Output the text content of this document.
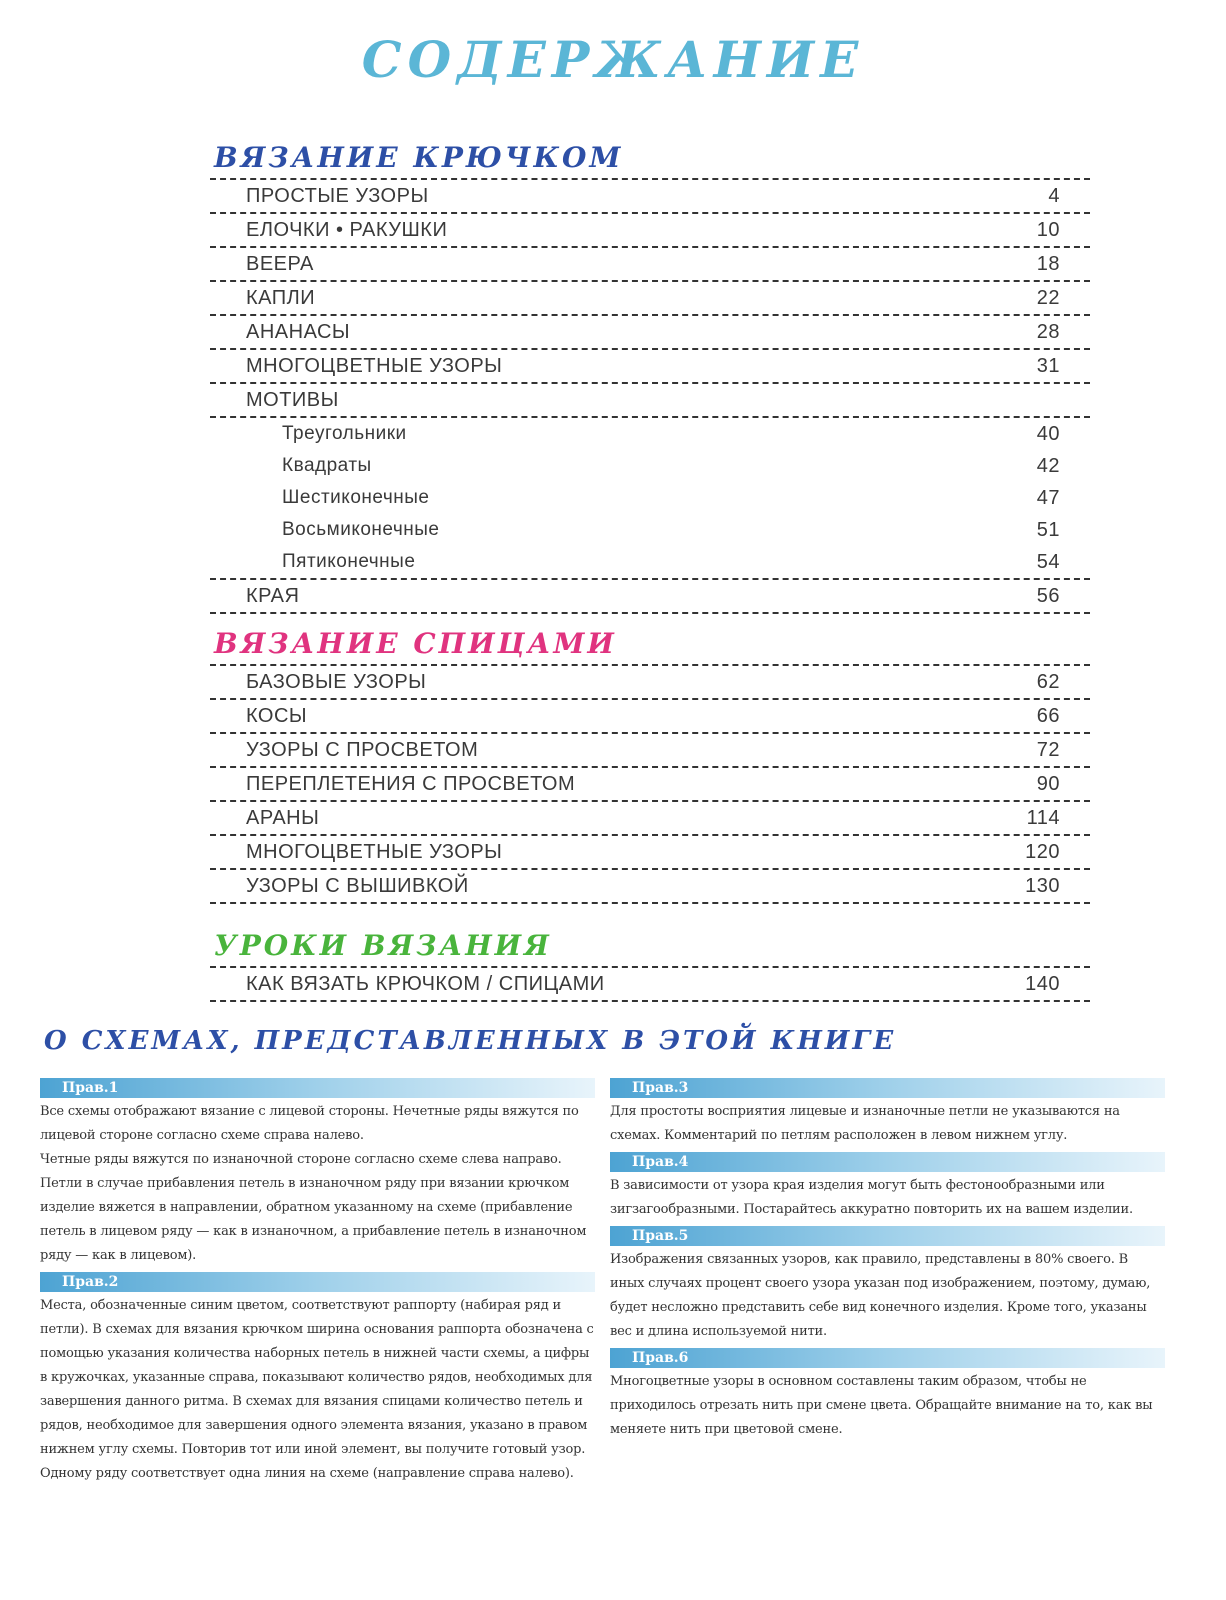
СОДЕРЖАНИЕ
ВЯЗАНИЕ КРЮЧКОМ
ПРОСТЫЕ УЗОРЫ	4
ЕЛОЧКИ • РАКУШКИ	10
ВЕЕРА	18
КАПЛИ	22
АНАНАСЫ	28
МНОГОЦВЕТНЫЕ УЗОРЫ	31
МОТИВЫ
Треугольники	40
Квадраты	42
Шестиконечные	47
Восьмиконечные	51
Пятиконечные	54
КРАЯ	56
ВЯЗАНИЕ СПИЦАМИ
БАЗОВЫЕ УЗОРЫ	62
КОСЫ	66
УЗОРЫ С ПРОСВЕТОМ	72
ПЕРЕПЛЕТЕНИЯ С ПРОСВЕТОМ	90
АРАНЫ	114
МНОГОЦВЕТНЫЕ УЗОРЫ	120
УЗОРЫ С ВЫШИВКОЙ	130
УРОКИ ВЯЗАНИЯ
КАК ВЯЗАТЬ КРЮЧКОМ / СПИЦАМИ	140
О СХЕМАХ, ПРЕДСТАВЛЕННЫХ В ЭТОЙ КНИГЕ
Прав.1

Все схемы отображают вязание с лицевой стороны. Нечетные ряды вяжутся по лицевой стороне согласно схеме справа налево.

Четные ряды вяжутся по изнаночной стороне согласно схеме слева направо.

Петли в случае прибавления петель в изнаночном ряду при вязании крючком изделие вяжется в направлении, обратном указанному на схеме (прибавление петель в лицевом ряду — как в изнаночном, а прибавление петель в изнаночном ряду — как в лицевом).

Прав.2

Места, обозначенные синим цветом, соответствуют раппорту (набирая ряд и петли). В схемах для вязания крючком ширина основания раппорта обозначена с помощью указания количества наборных петель в нижней части схемы, а цифры в кружочках, указанные справа, показывают количество рядов, необходимых для завершения данного ритма. В схемах для вязания спицами количество петель и рядов, необходимое для завершения одного элемента вязания, указано в правом нижнем углу схемы. Повторив тот или иной элемент, вы получите готовый узор. Одному ряду соответствует одна линия на схеме (направление справа налево).

Прав.3

Для простоты восприятия лицевые и изнаночные петли не указываются на схемах. Комментарий по петлям расположен в левом нижнем углу.

Прав.4

В зависимости от узора края изделия могут быть фестонообразными или зигзагообразными. Постарайтесь аккуратно повторить их на вашем изделии.

Прав.5

Изображения связанных узоров, как правило, представлены в 80% своего. В иных случаях процент своего узора указан под изображением, поэтому, думаю, будет несложно представить себе вид конечного изделия. Кроме того, указаны вес и длина используемой нити.

Прав.6

Многоцветные узоры в основном составлены таким образом, чтобы не приходилось отрезать нить при смене цвета. Обращайте внимание на то, как вы меняете нить при цветовой смене.
